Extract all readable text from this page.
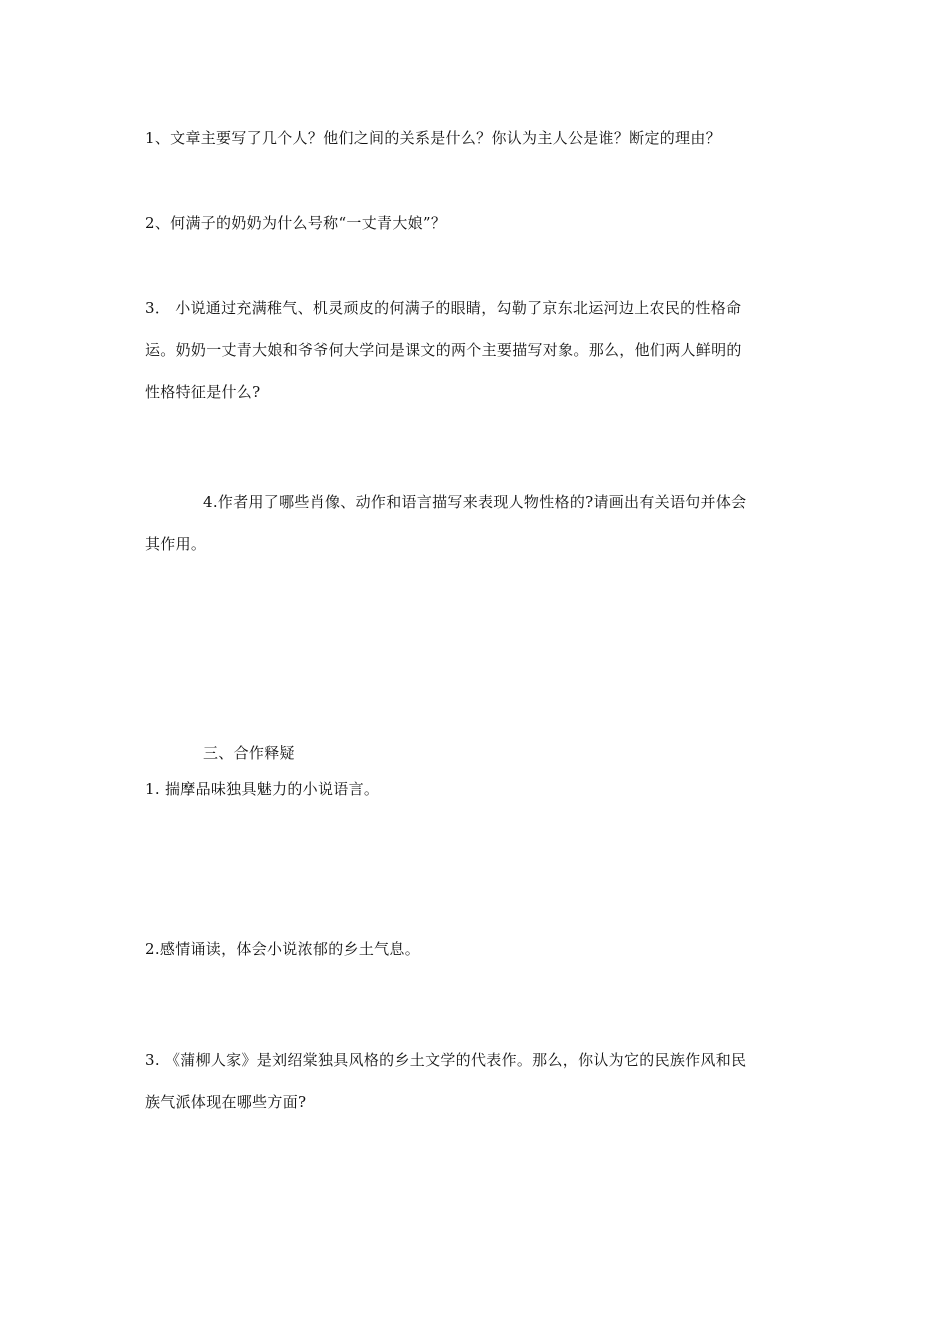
1、文章主要写了几个人？他们之间的关系是什么？你认为主人公是谁？断定的理由？
2、何满子的奶奶为什么号称“一丈青大娘”？
3． 小说通过充满稚气、机灵顽皮的何满子的眼睛，勾勒了京东北运河边上农民的性格命
运。奶奶一丈青大娘和爷爷何大学问是课文的两个主要描写对象。那么，他们两人鲜明的
性格特征是什么?
4.作者用了哪些肖像、动作和语言描写来表现人物性格的?请画出有关语句并体会
其作用。
三、合作释疑
1. 揣摩品味独具魅力的小说语言。
2.感情诵读，体会小说浓郁的乡土气息。
3. 《蒲柳人家》是刘绍棠独具风格的乡土文学的代表作。那么，你认为它的民族作风和民
族气派体现在哪些方面?
